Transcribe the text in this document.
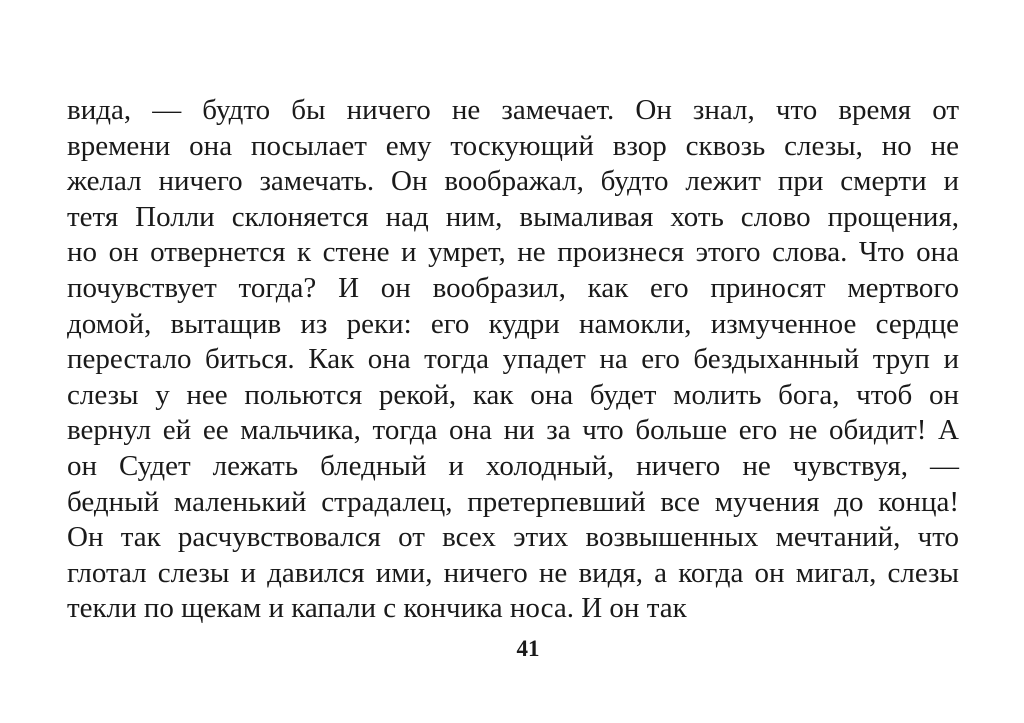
вида, — будто бы ничего не замечает. Он знал, что время от
времени она посылает ему тоскующий взор сквозь слезы, но не
желал ничего замечать. Он воображал, будто лежит при смерти и
тетя Полли склоняется над ним, вымаливая хоть слово прощения,
но он отвернется к стене и умрет, не произнеся этого слова. Что она
почувствует тогда? И он вообразил, как его приносят мертвого
домой, вытащив из реки: его кудри намокли, измученное сердце
перестало биться. Как она тогда упадет на его бездыханный труп и
слезы у нее польются рекой, как она будет молить бога, чтоб он
вернул ей ее мальчика, тогда она ни за что больше его не обидит! А
он Судет лежать бледный и холодный, ничего не чувствуя, —
бедный маленький страдалец, претерпевший все мучения до конца!
Он так расчувствовался от всех этих возвышенных мечтаний, что
глотал слезы и давился ими, ничего не видя, а когда он мигал, слезы
текли по щекам и капали с кончика носа. И он так
41
